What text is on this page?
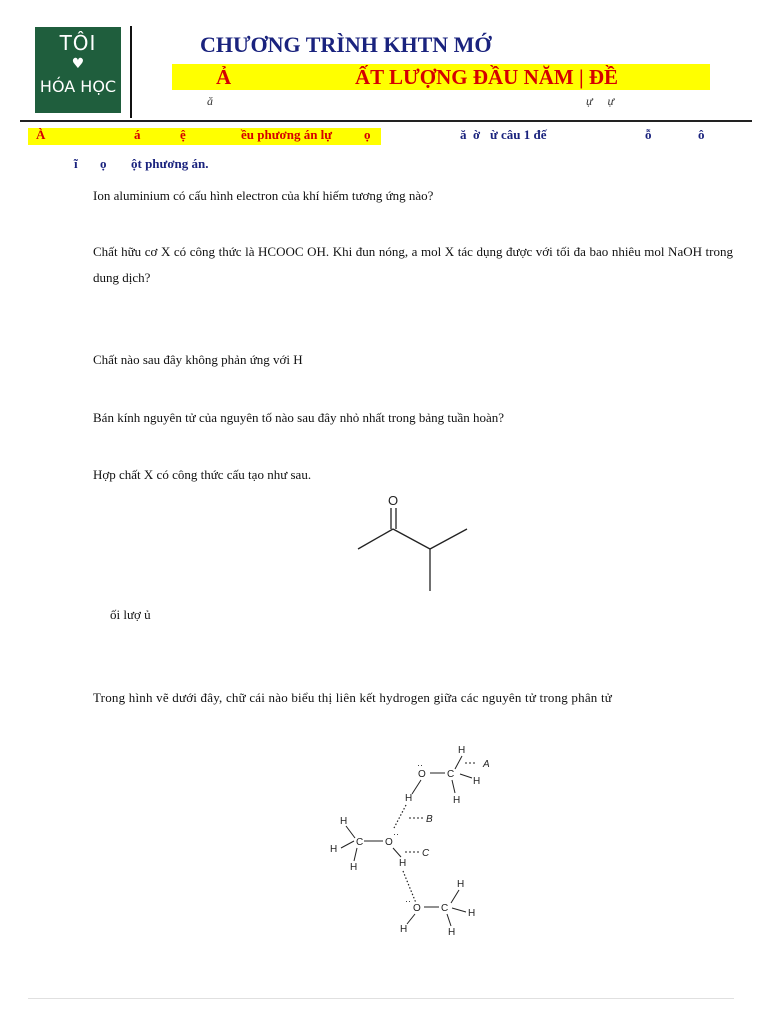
TÔI
♥
HÓA HỌC
CHƯƠNG TRÌNH KHTN MỚ
Ả	ẤT LƯỢNG ĐẦU NĂM | ĐỀ
ă	ự     ự
À	á	ệ	ều phương án lự ọ	ă  ờ   ừ câu 1 đế	ỗ	ô
ĩ ọ ột phương án.
Ion aluminium có cấu hình electron của khí hiếm tương ứng nào?
Chất hữu cơ X có công thức là HCOOC OH. Khi đun nóng, a mol X tác dụng được với tối đa bao nhiêu mol NaOH trong dung dịch?
Chất nào sau đây không phản ứng với H
Bán kính nguyên tử của nguyên tố nào sau đây nhỏ nhất trong bảng tuần hoàn?
Hợp chất X có công thức cấu tạo như sau.
O
ối lượ ủ
Trong hình vẽ dưới đây, chữ cái nào biểu thị liên kết hydrogen giữa các nguyên tử trong phân tử
H
C
O
··
H
H
H
A
B
O
··
C
H
H
H	H
C
O
··
C
H
H
H
H
